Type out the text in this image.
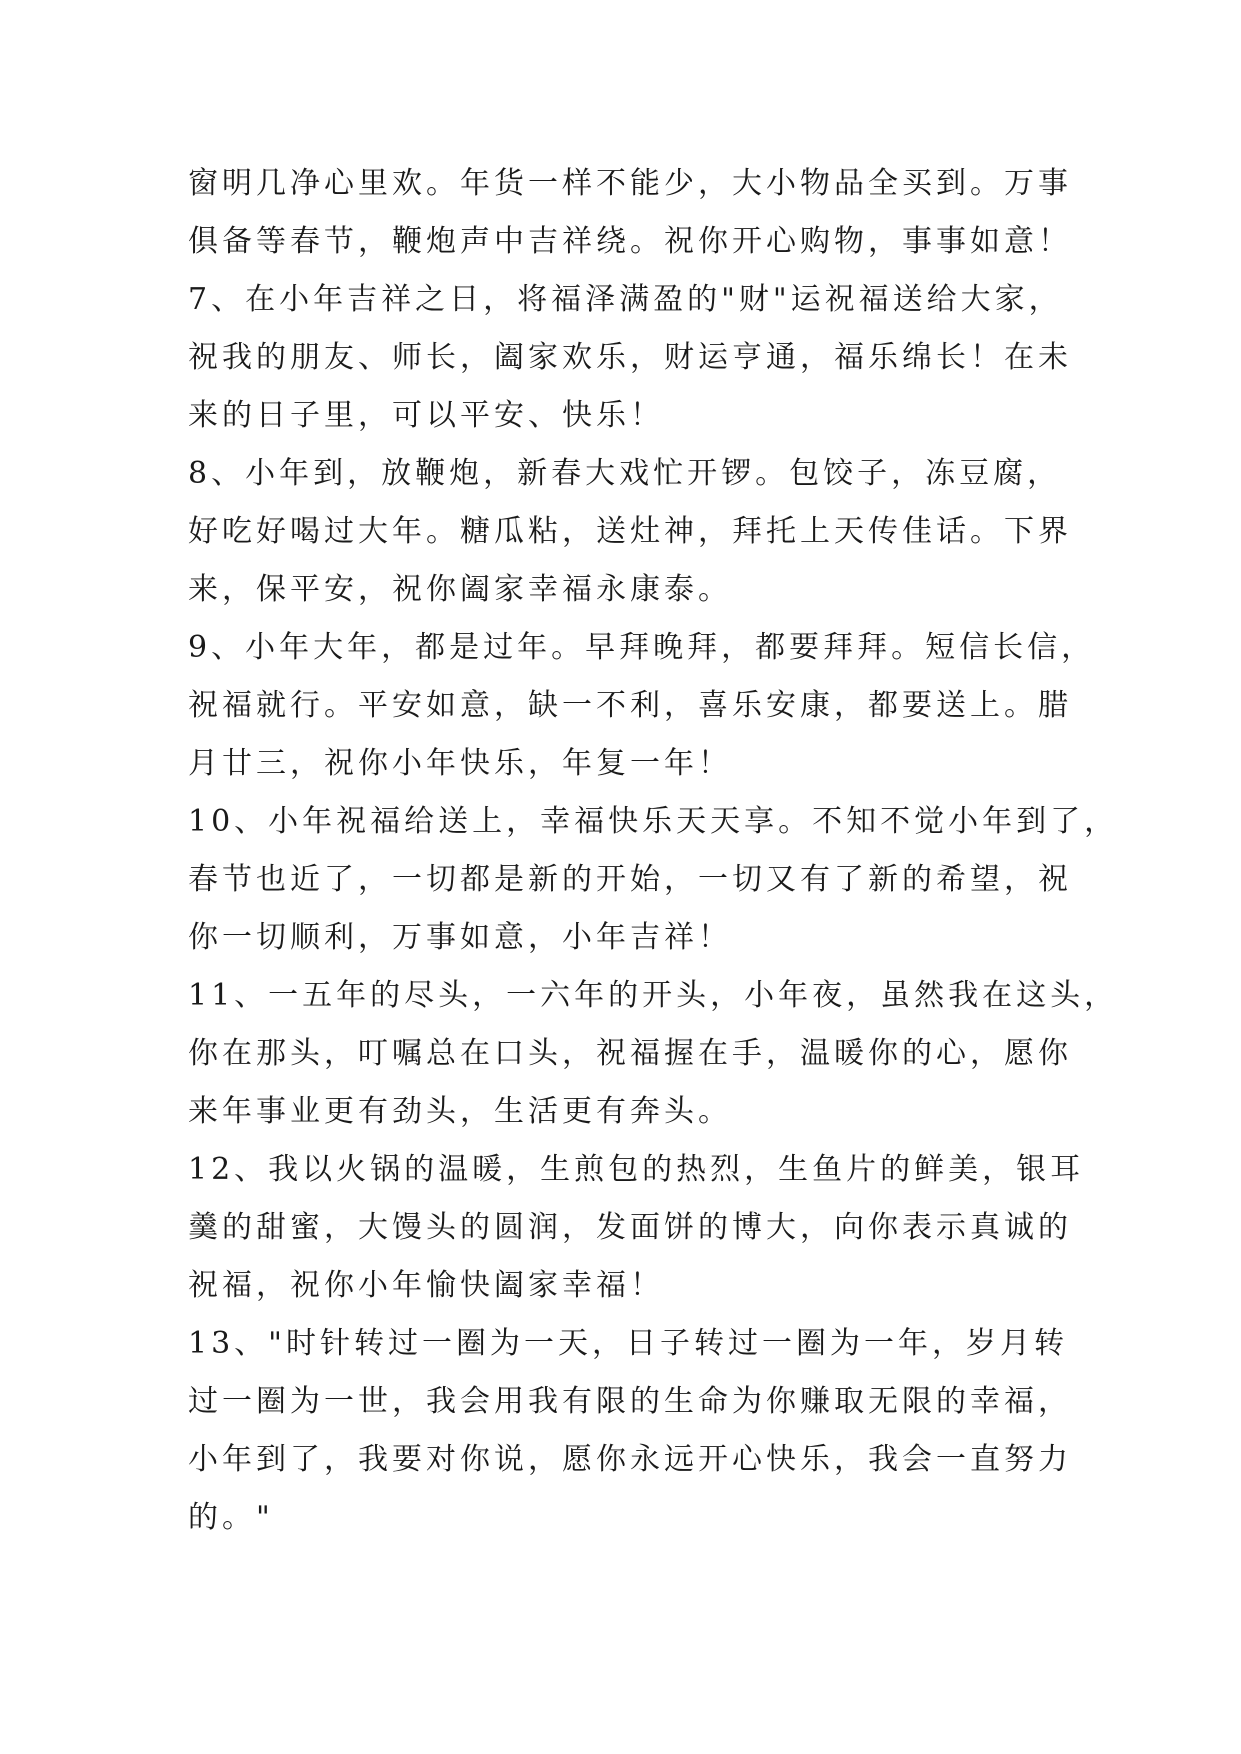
窗明几净心里欢。年货一样不能少，大小物品全买到。万事
俱备等春节，鞭炮声中吉祥绕。祝你开心购物，事事如意！
7、在小年吉祥之日，将福泽满盈的"财"运祝福送给大家，
祝我的朋友、师长，阖家欢乐，财运亨通，福乐绵长！在未
来的日子里，可以平安、快乐！
8、小年到，放鞭炮，新春大戏忙开锣。包饺子，冻豆腐，
好吃好喝过大年。糖瓜粘，送灶神，拜托上天传佳话。下界
来，保平安，祝你阖家幸福永康泰。
9、小年大年，都是过年。早拜晚拜，都要拜拜。短信长信，
祝福就行。平安如意，缺一不利，喜乐安康，都要送上。腊
月廿三，祝你小年快乐，年复一年！
10、小年祝福给送上，幸福快乐天天享。不知不觉小年到了，
春节也近了，一切都是新的开始，一切又有了新的希望，祝
你一切顺利，万事如意，小年吉祥！
11、一五年的尽头，一六年的开头，小年夜，虽然我在这头，
你在那头，叮嘱总在口头，祝福握在手，温暖你的心，愿你
来年事业更有劲头，生活更有奔头。
12、我以火锅的温暖，生煎包的热烈，生鱼片的鲜美，银耳
羹的甜蜜，大馒头的圆润，发面饼的博大，向你表示真诚的
祝福，祝你小年愉快阖家幸福！
13、"时针转过一圈为一天，日子转过一圈为一年，岁月转
过一圈为一世，我会用我有限的生命为你赚取无限的幸福，
小年到了，我要对你说，愿你永远开心快乐，我会一直努力
的。"
